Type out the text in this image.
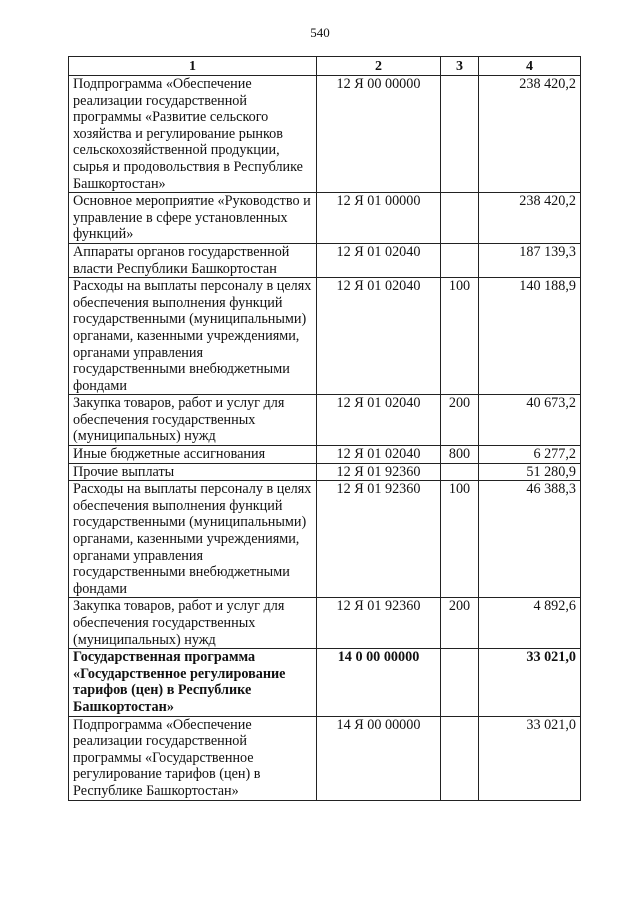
540
1	2	3	4
Подпрограмма «Обеспечение реализации государственной программы «Развитие сельского хозяйства и регулирование рынков сельскохозяйственной продукции, сырья и продовольствия в Республике Башкортостан»	12 Я 00 00000		238 420,2
Основное мероприятие «Руководство и управление в сфере установленных функций»	12 Я 01 00000		238 420,2
Аппараты органов государственной власти Республики Башкортостан	12 Я 01 02040		187 139,3
Расходы на выплаты персоналу в целях обеспечения выполнения функций государственными (муниципальными) органами, казенными учреждениями, органами управления государственными внебюджетными фондами	12 Я 01 02040	100	140 188,9
Закупка товаров, работ и услуг для обеспечения государственных (муниципальных) нужд	12 Я 01 02040	200	40 673,2
Иные бюджетные ассигнования	12 Я 01 02040	800	6 277,2
Прочие выплаты	12 Я 01 92360		51 280,9
Расходы на выплаты персоналу в целях обеспечения выполнения функций государственными (муниципальными) органами, казенными учреждениями, органами управления государственными внебюджетными фондами	12 Я 01 92360	100	46 388,3
Закупка товаров, работ и услуг для обеспечения государственных (муниципальных) нужд	12 Я 01 92360	200	4 892,6
Государственная программа «Государственное регулирование тарифов (цен) в Республике Башкортостан»	14 0 00 00000		33 021,0
Подпрограмма «Обеспечение реализации государственной программы «Государственное регулирование тарифов (цен) в Республике Башкортостан»	14 Я 00 00000		33 021,0
